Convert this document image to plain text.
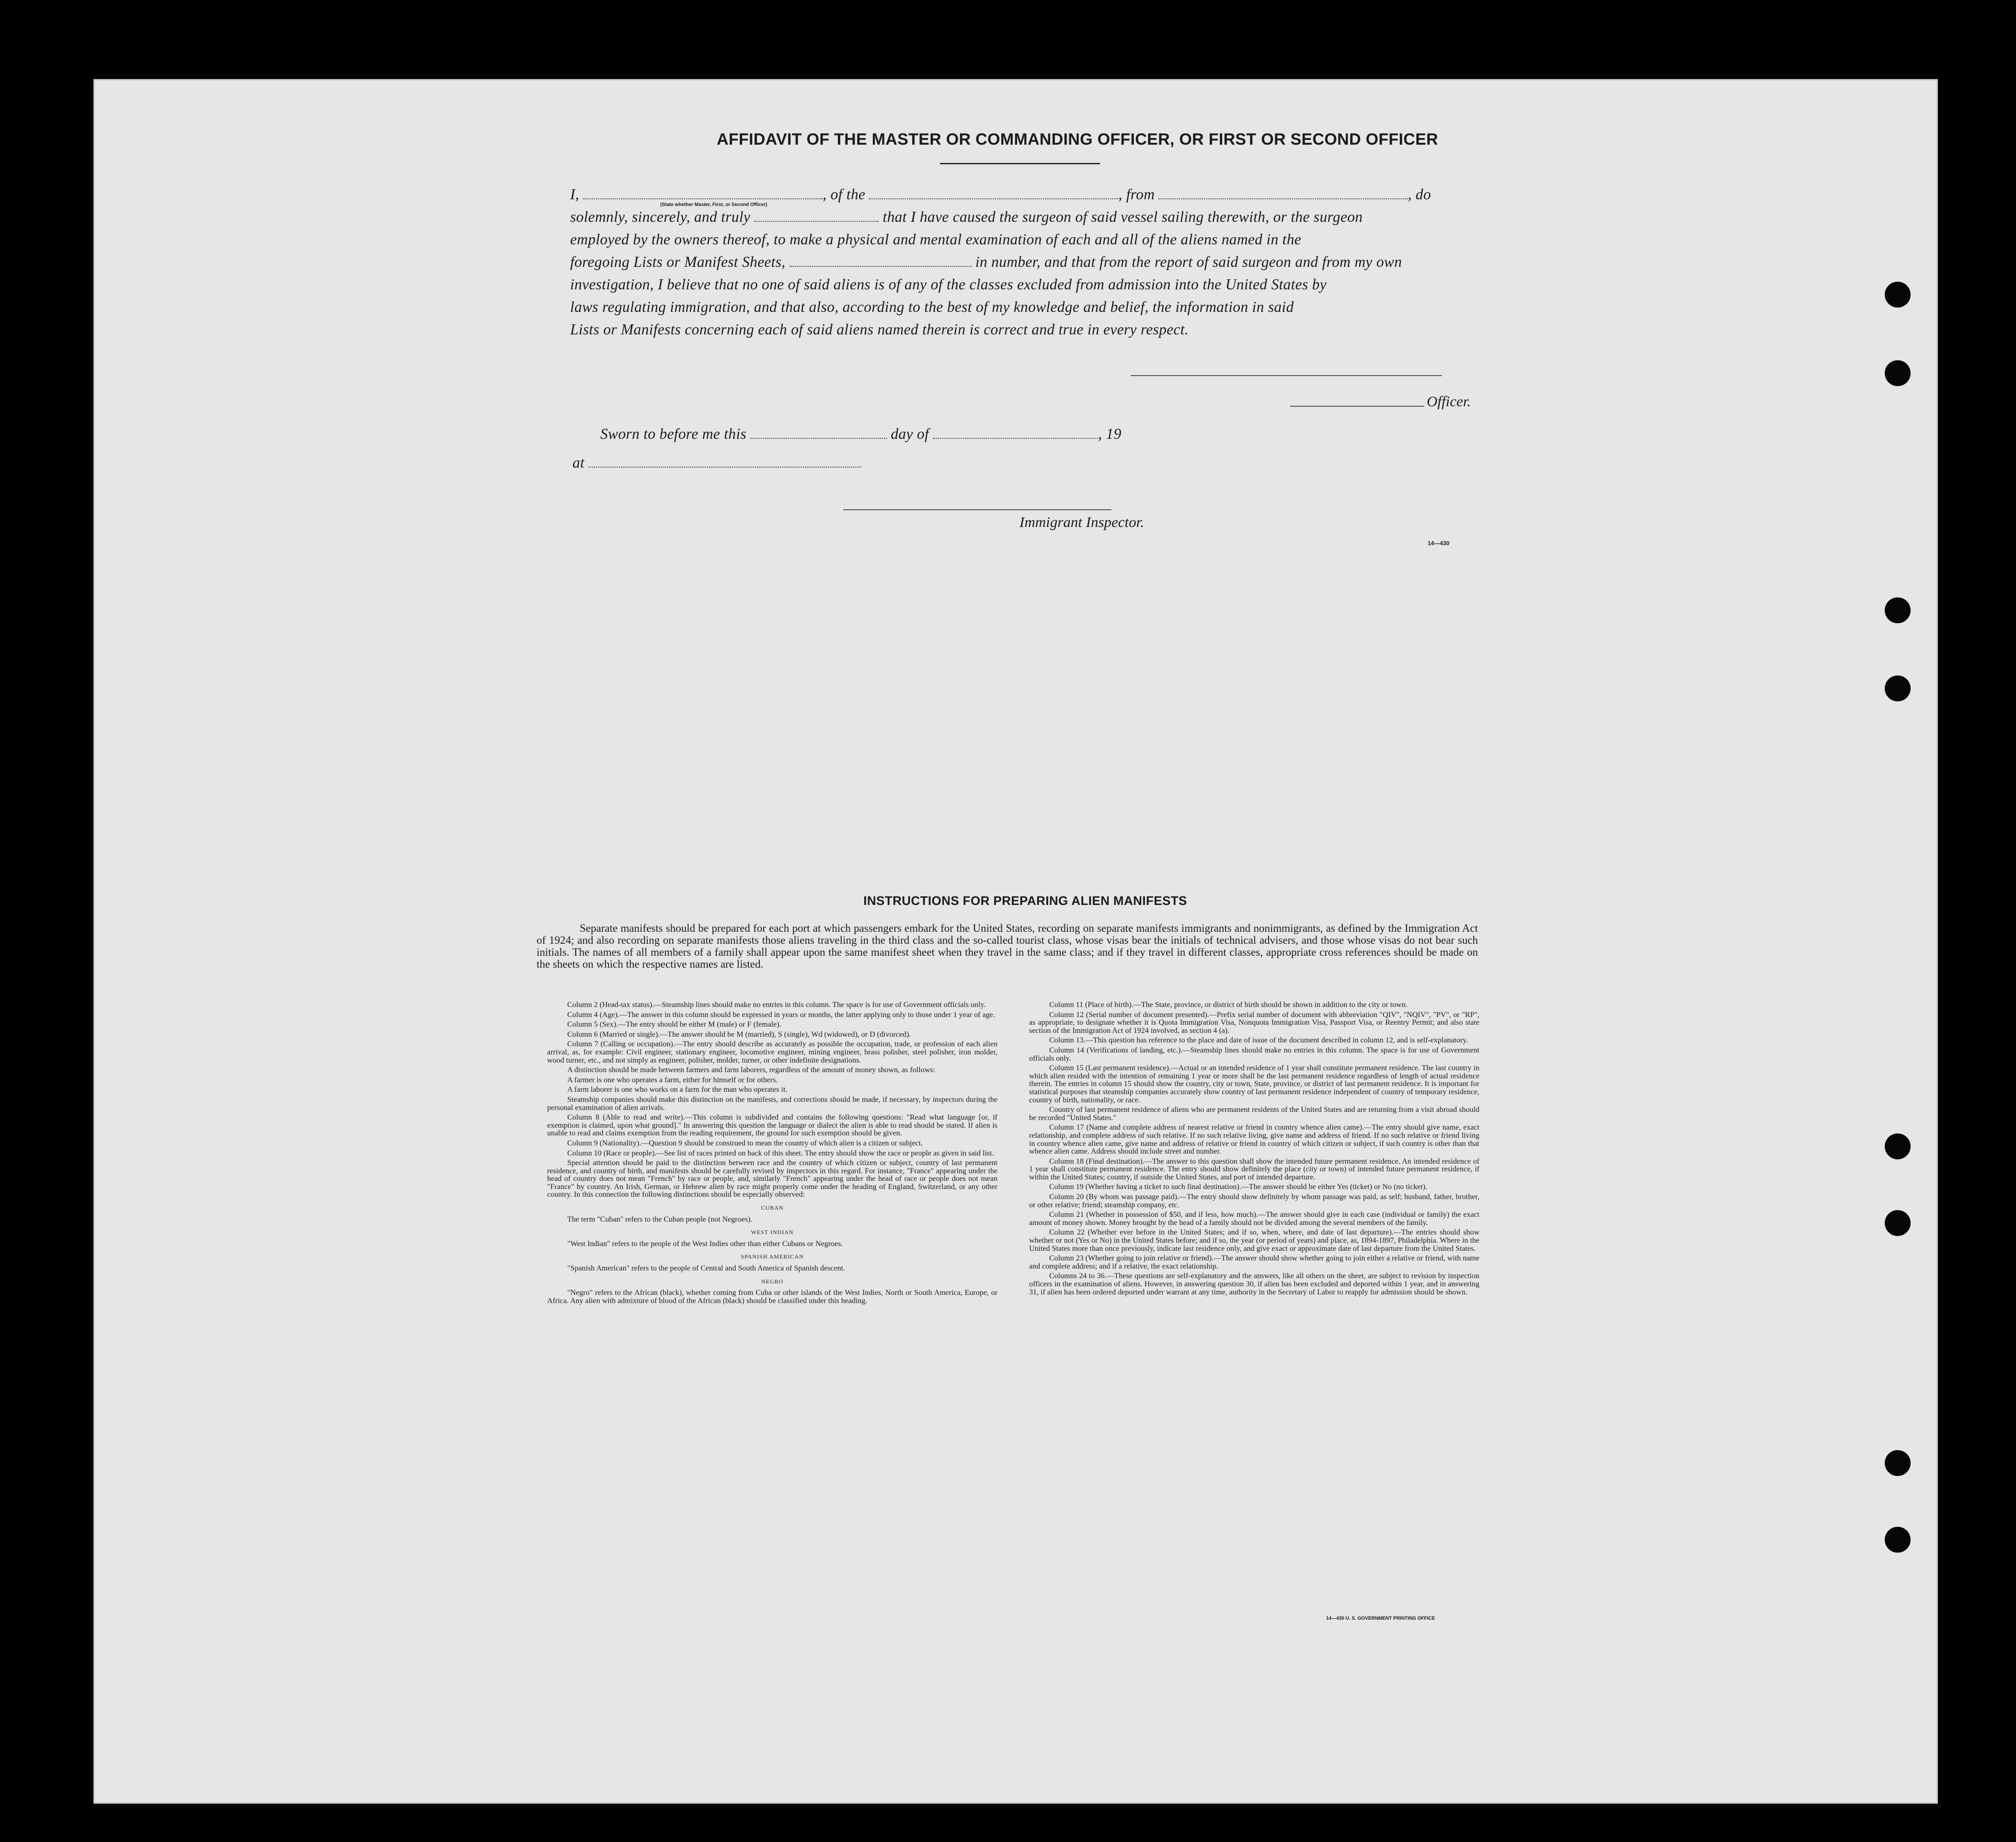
AFFIDAVIT OF THE MASTER OR COMMANDING OFFICER, OR FIRST OR SECOND OFFICER
I,	, of the	, from	, do
(State whether Master, First, or Second Officer)
solemnly, sincerely, and truly	that I have caused the surgeon of said vessel sailing therewith, or the surgeon
employed by the owners thereof, to make a physical and mental examination of each and all of the aliens named in the
foregoing Lists or Manifest Sheets,	in number, and that from the report of said surgeon and from my own
investigation, I believe that no one of said aliens is of any of the classes excluded from admission into the United States by
laws regulating immigration, and that also, according to the best of my knowledge and belief, the information in said
Lists or Manifests concerning each of said aliens named therein is correct and true in every respect.
Officer.
Sworn to before me this	day of	, 19
at
Immigrant Inspector.
14—430
INSTRUCTIONS FOR PREPARING ALIEN MANIFESTS
Separate manifests should be prepared for each port at which passengers embark for the United States, recording on separate manifests immigrants and nonimmigrants, as defined by the Immigration Act of 1924; and also recording on separate manifests those aliens traveling in the third class and the so-called tourist class, whose visas bear the initials of technical advisers, and those whose visas do not bear such initials. The names of all members of a family shall appear upon the same manifest sheet when they travel in the same class; and if they travel in different classes, appropriate cross references should be made on the sheets on which the respective names are listed.

Column 2 (Head-tax status).—Steamship lines should make no entries in this column. The space is for use of Government officials only.

Column 4 (Age).—The answer in this column should be expressed in years or months, the latter applying only to those under 1 year of age.

Column 5 (Sex).—The entry should be either M (male) or F (female).

Column 6 (Married or single).—The answer should be M (married), S (single), Wd (widowed), or D (divorced).

Column 7 (Calling or occupation).—The entry should describe as accurately as possible the occupation, trade, or profession of each alien arrival, as, for example: Civil engineer, stationary engineer, locomotive engineer, mining engineer, brass polisher, steel polisher, iron molder, wood turner, etc., and not simply as engineer, polisher, molder, turner, or other indefinite designations.

A distinction should be made between farmers and farm laborers, regardless of the amount of money shown, as follows:

A farmer is one who operates a farm, either for himself or for others.

A farm laborer is one who works on a farm for the man who operates it.

Steamship companies should make this distinction on the manifests, and corrections should be made, if necessary, by inspectors during the personal examination of alien arrivals.

Column 8 (Able to read and write).—This column is subdivided and contains the following questions: "Read what language [or, if exemption is claimed, upon what ground]." In answering this question the language or dialect the alien is able to read should be stated. If alien is unable to read and claims exemption from the reading requirement, the ground for such exemption should be given.

Column 9 (Nationality).—Question 9 should be construed to mean the country of which alien is a citizen or subject.

Column 10 (Race or people).—See list of races printed on back of this sheet. The entry should show the race or people as given in said list.

Special attention should be paid to the distinction between race and the country of which citizen or subject, country of last permanent residence, and country of birth, and manifests should be carefully revised by inspectors in this regard. For instance, "France" appearing under the head of country does not mean "French" by race or people, and, similarly "French" appearing under the head of race or people does not mean "France" by country. An Irish, German, or Hebrew alien by race might properly come under the heading of England, Switzerland, or any other country. In this connection the following distinctions should be especially observed:

CUBAN

The term "Cuban" refers to the Cuban people (not Negroes).

WEST INDIAN

"West Indian" refers to the people of the West Indies other than either Cubans or Negroes.

SPANISH AMERICAN

"Spanish American" refers to the people of Central and South America of Spanish descent.

NEGRO

"Negro" refers to the African (black), whether coming from Cuba or other islands of the West Indies, North or South America, Europe, or Africa. Any alien with admixture of blood of the African (black) should be classified under this heading.

Column 11 (Place of birth).—The State, province, or district of birth should be shown in addition to the city or town.

Column 12 (Serial number of document presented).—Prefix serial number of document with abbreviation "QIV", "NQIV", "PV", or "RP", as appropriate, to designate whether it is Quota Immigration Visa, Nonquota Immigration Visa, Passport Visa, or Reentry Permit; and also state section of the Immigration Act of 1924 involved, as section 4 (a).

Column 13.—This question has reference to the place and date of issue of the document described in column 12, and is self-explanatory.

Column 14 (Verifications of landing, etc.).—Steamship lines should make no entries in this column. The space is for use of Government officials only.

Column 15 (Last permanent residence).—Actual or an intended residence of 1 year shall constitute permanent residence. The last country in which alien resided with the intention of remaining 1 year or more shall be the last permanent residence regardless of length of actual residence therein. The entries in column 15 should show the country, city or town, State, province, or district of last permanent residence. It is important for statistical purposes that steamship companies accurately show country of last permanent residence independent of country of temporary residence, country of birth, nationality, or race.

Country of last permanent residence of aliens who are permanent residents of the United States and are returning from a visit abroad should be recorded "United States."

Column 17 (Name and complete address of nearest relative or friend in country whence alien came).—The entry should give name, exact relationship, and complete address of such relative. If no such relative living, give name and address of friend. If no such relative or friend living in country whence alien came, give name and address of relative or friend in country of which citizen or subject, if such country is other than that whence alien came. Address should include street and number.

Column 18 (Final destination).—The answer to this question shall show the intended future permanent residence. An intended residence of 1 year shall constitute permanent residence. The entry should show definitely the place (city or town) of intended future permanent residence, if within the United States; country, if outside the United States, and port of intended departure.

Column 19 (Whether having a ticket to such final destination).—The answer should be either Yes (ticket) or No (no ticket).

Column 20 (By whom was passage paid).—The entry should show definitely by whom passage was paid, as self; husband, father, brother, or other relative; friend; steamship company, etc.

Column 21 (Whether in possession of $50, and if less, how much).—The answer should give in each case (individual or family) the exact amount of money shown. Money brought by the head of a family should not be divided among the several members of the family.

Column 22 (Whether ever before in the United States; and if so, when, where, and date of last departure).—The entries should show whether or not (Yes or No) in the United States before; and if so, the year (or period of years) and place, as, 1894-1897, Philadelphia. Where in the United States more than once previously, indicate last residence only, and give exact or approximate date of last departure from the United States.

Column 23 (Whether going to join relative or friend).—The answer should show whether going to join either a relative or friend, with name and complete address; and if a relative, the exact relationship.

Columns 24 to 36.—These questions are self-explanatory and the answers, like all others on the sheet, are subject to revision by inspection officers in the examination of aliens. However, in answering question 30, if alien has been excluded and deported within 1 year, and in answering 31, if alien has been ordered deported under warrant at any time, authority in the Secretary of Labor to reapply for admission should be shown.

14—430 U. S. GOVERNMENT PRINTING OFFICE
